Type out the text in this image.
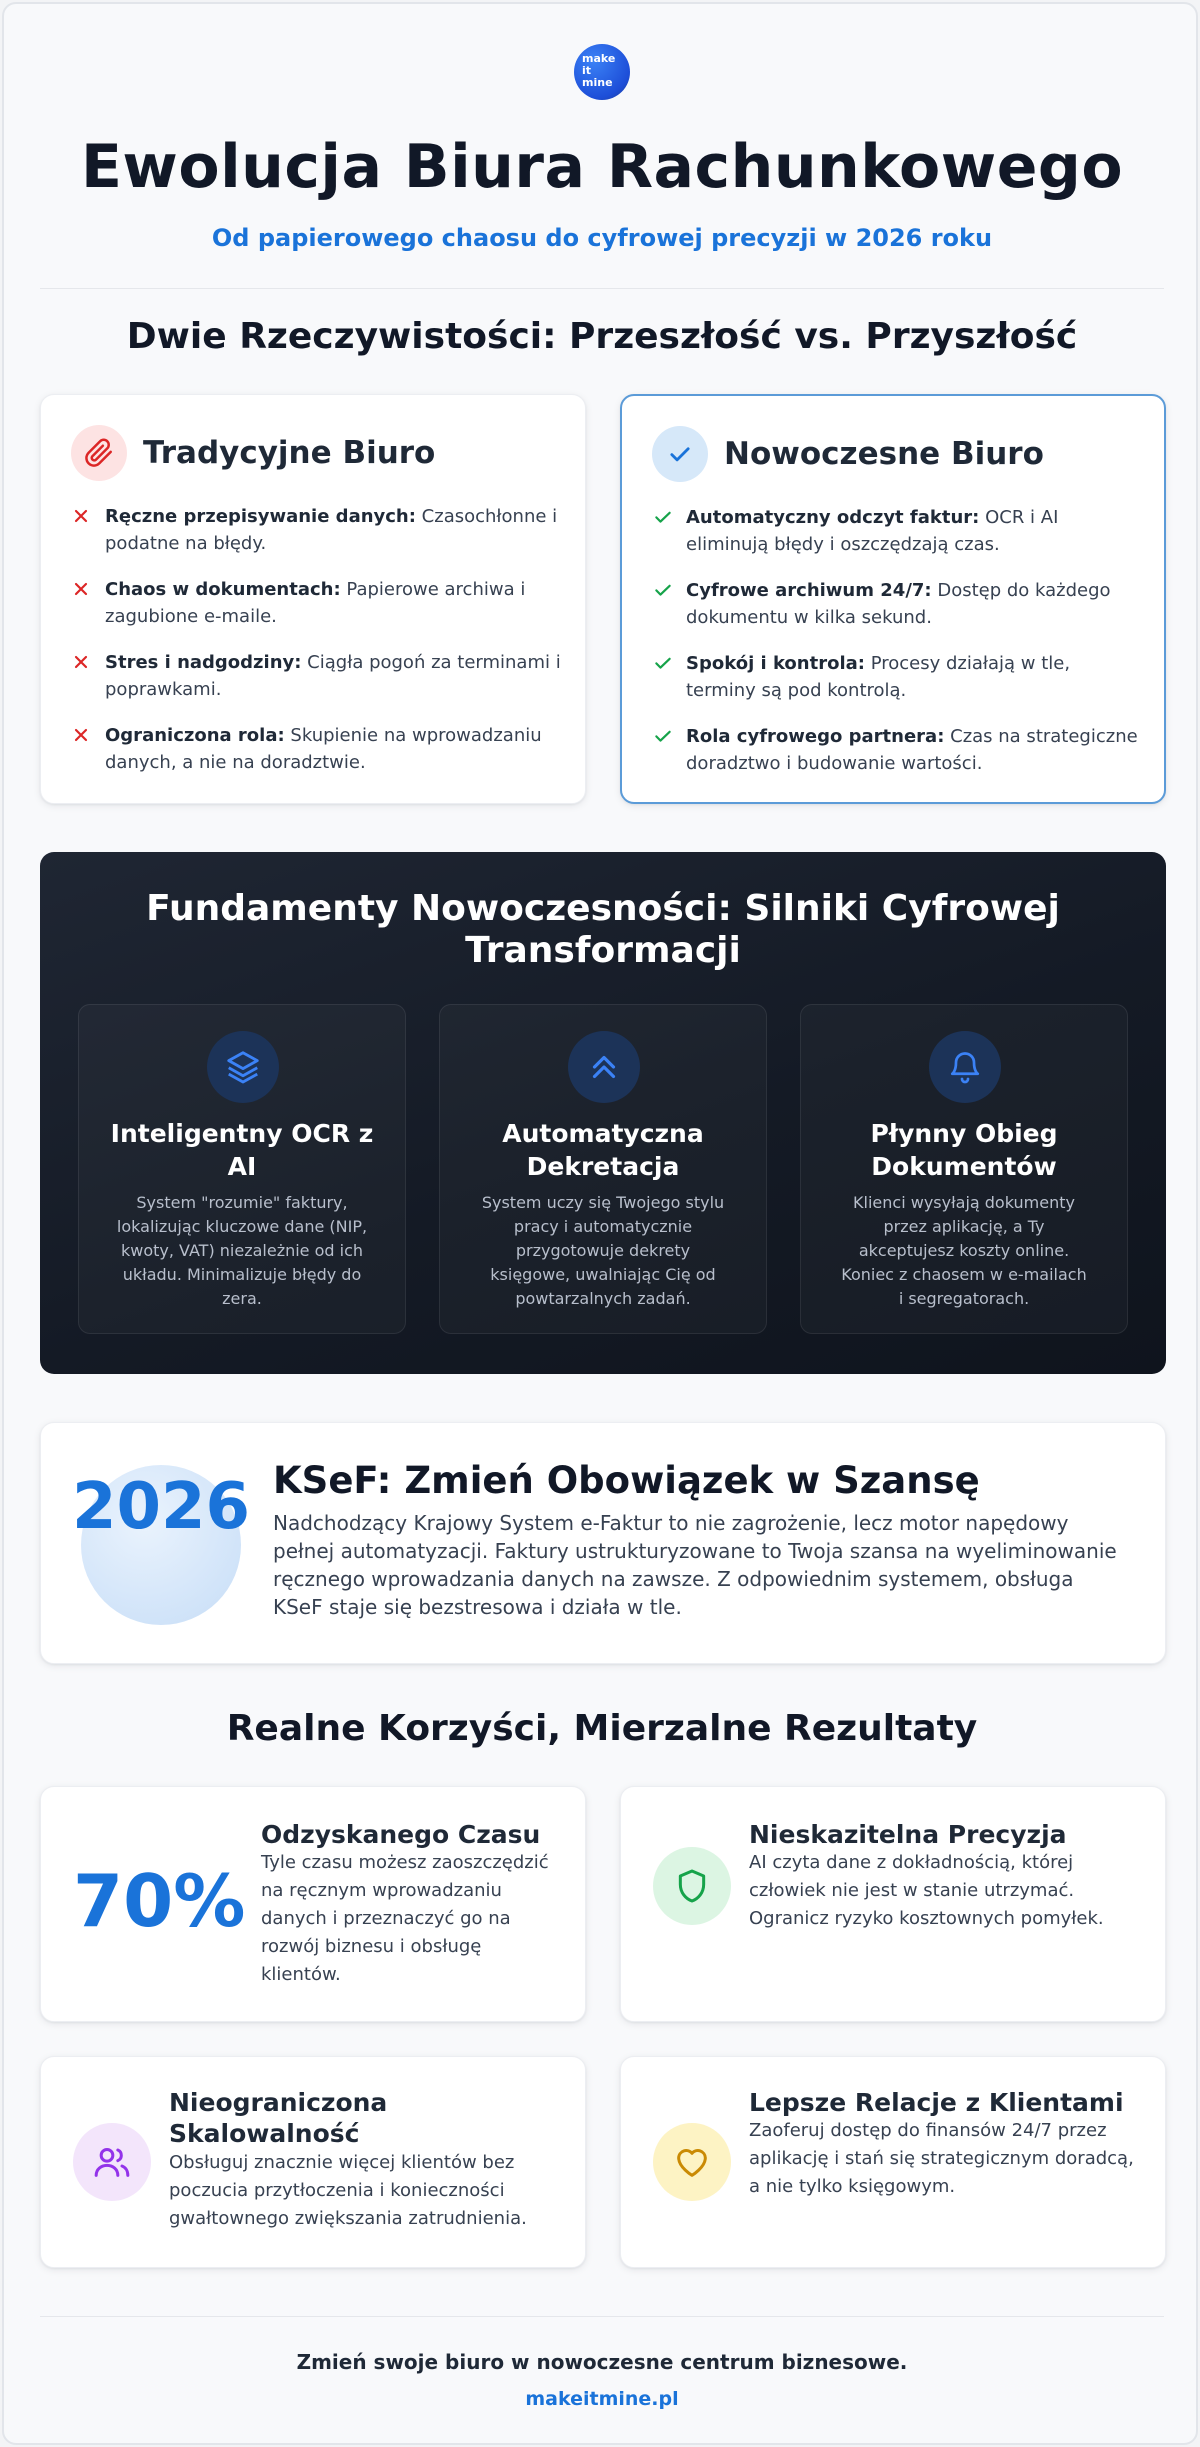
make
it
mine
Ewolucja Biura Rachunkowego
Od papierowego chaosu do cyfrowej precyzji w 2026 roku
Dwie Rzeczywistości: Przeszłość vs. Przyszłość
Tradycyjne Biuro
Ręczne przepisywanie danych: Czasochłonne i podatne na błędy.
Chaos w dokumentach: Papierowe archiwa i zagubione e-maile.
Stres i nadgodziny: Ciągła pogoń za terminami i poprawkami.
Ograniczona rola: Skupienie na wprowadzaniu danych, a nie na doradztwie.
Nowoczesne Biuro
Automatyczny odczyt faktur: OCR i AI eliminują błędy i oszczędzają czas.
Cyfrowe archiwum 24/7: Dostęp do każdego dokumentu w kilka sekund.
Spokój i kontrola: Procesy działają w tle, terminy są pod kontrolą.
Rola cyfrowego partnera: Czas na strategiczne doradztwo i budowanie wartości.
Fundamenty Nowoczesności: Silniki Cyfrowej
Transformacji
Inteligentny OCR z
AI

System "rozumie" faktury, lokalizując kluczowe dane (NIP, kwoty, VAT) niezależnie od ich układu. Minimalizuje błędy do zera.

Automatyczna
Dekretacja

System uczy się Twojego stylu pracy i automatycznie przygotowuje dekrety księgowe, uwalniając Cię od powtarzalnych zadań.

Płynny Obieg
Dokumentów

Klienci wysyłają dokumenty przez aplikację, a Ty akceptujesz koszty online. Koniec z chaosem w e-mailach i segregatorach.

2026 KSeF: Zmień Obowiązek w Szansę

Nadchodzący Krajowy System e-Faktur to nie zagrożenie, lecz motor napędowy pełnej automatyzacji. Faktury ustrukturyzowane to Twoja szansa na wyeliminowanie ręcznego wprowadzania danych na zawsze. Z odpowiednim systemem, obsługa KSeF staje się bezstresowa i działa w tle.

Realne Korzyści, Mierzalne Rezultaty
70%
Odzyskanego Czasu

Tyle czasu możesz zaoszczędzić na ręcznym wprowadzaniu danych i przeznaczyć go na rozwój biznesu i obsługę klientów.

Nieskazitelna Precyzja

AI czyta dane z dokładnością, której człowiek nie jest w stanie utrzymać. Ogranicz ryzyko kosztownych pomyłek.

Nieograniczona
Skalowalność

Obsługuj znacznie więcej klientów bez poczucia przytłoczenia i konieczności gwałtownego zwiększania zatrudnienia.

Lepsze Relacje z Klientami

Zaoferuj dostęp do finansów 24/7 przez aplikację i stań się strategicznym doradcą, a nie tylko księgowym.

Zmień swoje biuro w nowoczesne centrum biznesowe.
makeitmine.pl
